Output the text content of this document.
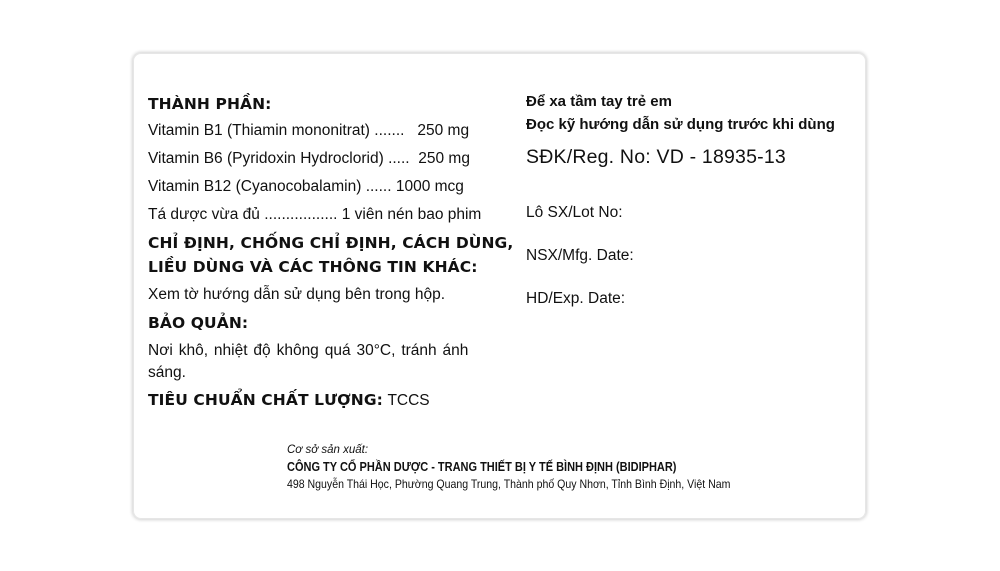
THÀNH PHẦN:
Vitamin B1 (Thiamin mononitrat) ....... 250 mg
Vitamin B6 (Pyridoxin Hydroclorid) ..... 250 mg
Vitamin B12 (Cyanocobalamin) ...... 1000 mcg
Tá dược vừa đủ ................. 1 viên nén bao phim
CHỈ ĐỊNH, CHỐNG CHỈ ĐỊNH, CÁCH DÙNG,
LIỀU DÙNG VÀ CÁC THÔNG TIN KHÁC:
Xem tờ hướng dẫn sử dụng bên trong hộp.
BẢO QUẢN:
Nơi khô, nhiệt độ không quá 30°C, tránh ánh
sáng.
TIÊU CHUẨN CHẤT LƯỢNG: TCCS
Để xa tầm tay trẻ em
Đọc kỹ hướng dẫn sử dụng trước khi dùng
SĐK/Reg. No: VD - 18935-13
Lô SX/Lot No:
NSX/Mfg. Date:
HD/Exp. Date:
Cơ sở sản xuất:
CÔNG TY CỔ PHẦN DƯỢC - TRANG THIẾT BỊ Y TẾ BÌNH ĐỊNH (BIDIPHAR)
498 Nguyễn Thái Học, Phường Quang Trung, Thành phố Quy Nhơn, Tỉnh Bình Định, Việt Nam
